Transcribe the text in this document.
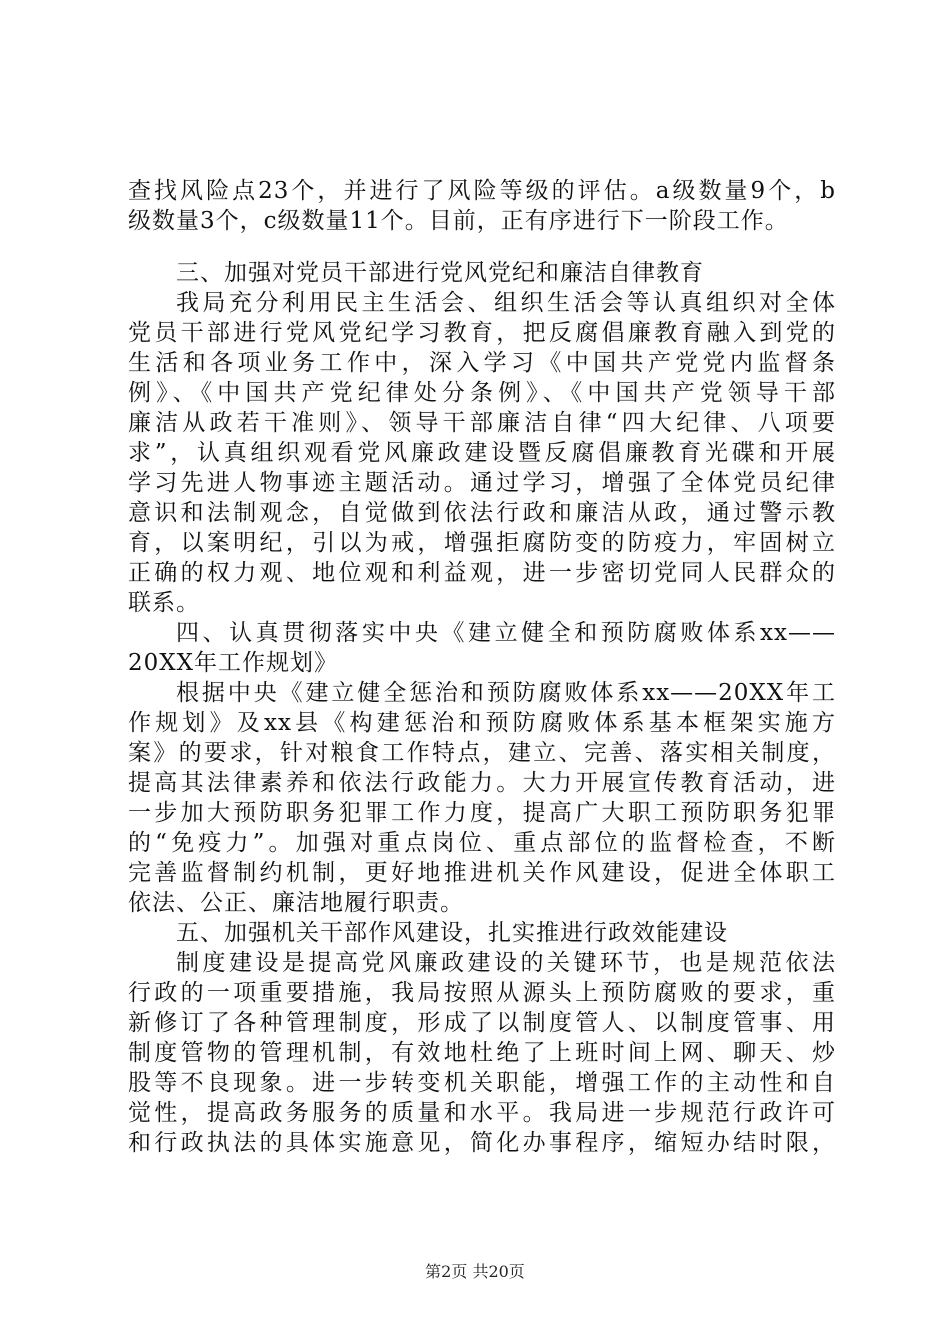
查找风险点23个，并进行了风险等级的评估。a级数量9个，b
级数量3个，c级数量11个。目前，正有序进行下一阶段工作。
三、加强对党员干部进行党风党纪和廉洁自律教育
我局充分利用民主生活会、组织生活会等认真组织对全体
党员干部进行党风党纪学习教育，把反腐倡廉教育融入到党的
生活和各项业务工作中，深入学习《中国共产党党内监督条
例》、《中国共产党纪律处分条例》、《中国共产党领导干部
廉洁从政若干准则》、领导干部廉洁自律“四大纪律、八项要
求”，认真组织观看党风廉政建设暨反腐倡廉教育光碟和开展
学习先进人物事迹主题活动。通过学习，增强了全体党员纪律
意识和法制观念，自觉做到依法行政和廉洁从政，通过警示教
育，以案明纪，引以为戒，增强拒腐防变的防疫力，牢固树立
正确的权力观、地位观和利益观，进一步密切党同人民群众的
联系。
四、认真贯彻落实中央《建立健全和预防腐败体系xx——
20XX年工作规划》
根据中央《建立健全惩治和预防腐败体系xx——20XX年工
作规划》及xx县《构建惩治和预防腐败体系基本框架实施方
案》的要求，针对粮食工作特点，建立、完善、落实相关制度，
提高其法律素养和依法行政能力。大力开展宣传教育活动，进
一步加大预防职务犯罪工作力度，提高广大职工预防职务犯罪
的“免疫力”。加强对重点岗位、重点部位的监督检查，不断
完善监督制约机制，更好地推进机关作风建设，促进全体职工
依法、公正、廉洁地履行职责。
五、加强机关干部作风建设，扎实推进行政效能建设
制度建设是提高党风廉政建设的关键环节，也是规范依法
行政的一项重要措施，我局按照从源头上预防腐败的要求，重
新修订了各种管理制度，形成了以制度管人、以制度管事、用
制度管物的管理机制，有效地杜绝了上班时间上网、聊天、炒
股等不良现象。进一步转变机关职能，增强工作的主动性和自
觉性，提高政务服务的质量和水平。我局进一步规范行政许可
和行政执法的具体实施意见，简化办事程序，缩短办结时限，
第2页 共20页
